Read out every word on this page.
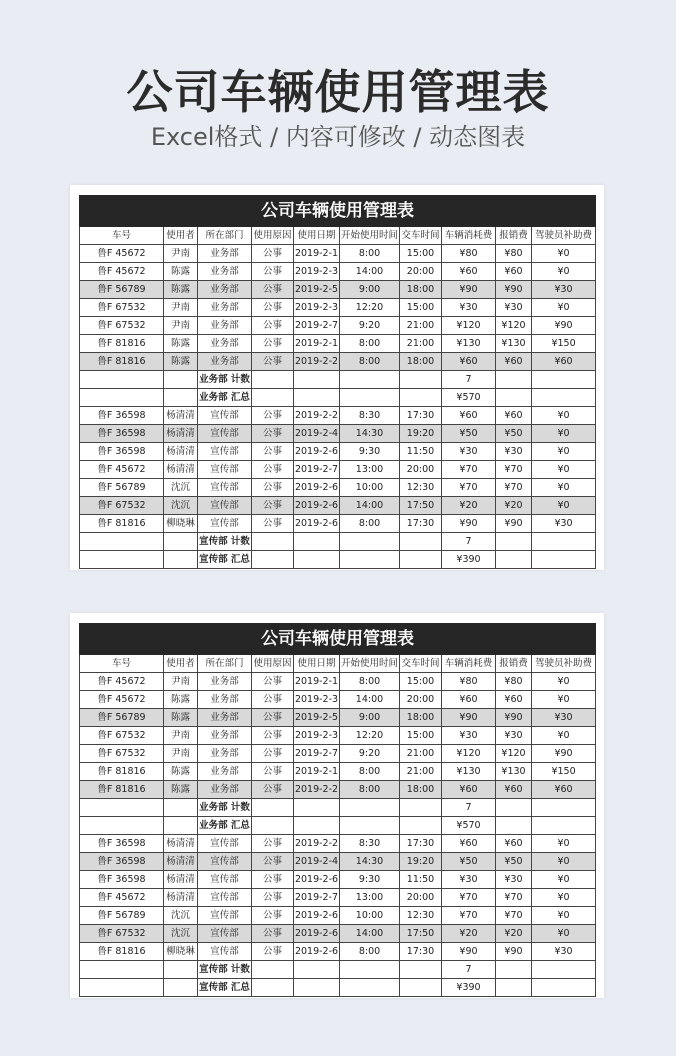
公司车辆使用管理表
Excel格式 / 内容可修改 / 动态图表
公司车辆使用管理表									
车号	使用者	所在部门	使用原因	使用日期	开始使用时间	交车时间	车辆消耗费	报销费	驾驶员补助费
鲁F 45672	尹南	业务部	公事	2019-2-1	8:00	15:00	¥80	¥80	¥0
鲁F 45672	陈露	业务部	公事	2019-2-3	14:00	20:00	¥60	¥60	¥0
鲁F 56789	陈露	业务部	公事	2019-2-5	9:00	18:00	¥90	¥90	¥30
鲁F 67532	尹南	业务部	公事	2019-2-3	12:20	15:00	¥30	¥30	¥0
鲁F 67532	尹南	业务部	公事	2019-2-7	9:20	21:00	¥120	¥120	¥90
鲁F 81816	陈露	业务部	公事	2019-2-1	8:00	21:00	¥130	¥130	¥150
鲁F 81816	陈露	业务部	公事	2019-2-2	8:00	18:00	¥60	¥60	¥60
		业务部 计数					7		
		业务部 汇总					¥570		
鲁F 36598	杨清清	宣传部	公事	2019-2-2	8:30	17:30	¥60	¥60	¥0
鲁F 36598	杨清清	宣传部	公事	2019-2-4	14:30	19:20	¥50	¥50	¥0
鲁F 36598	杨清清	宣传部	公事	2019-2-6	9:30	11:50	¥30	¥30	¥0
鲁F 45672	杨清清	宣传部	公事	2019-2-7	13:00	20:00	¥70	¥70	¥0
鲁F 56789	沈沉	宣传部	公事	2019-2-6	10:00	12:30	¥70	¥70	¥0
鲁F 67532	沈沉	宣传部	公事	2019-2-6	14:00	17:50	¥20	¥20	¥0
鲁F 81816	柳晓琳	宣传部	公事	2019-2-6	8:00	17:30	¥90	¥90	¥30
		宣传部 计数					7		
		宣传部 汇总					¥390		
公司车辆使用管理表									
车号	使用者	所在部门	使用原因	使用日期	开始使用时间	交车时间	车辆消耗费	报销费	驾驶员补助费
鲁F 45672	尹南	业务部	公事	2019-2-1	8:00	15:00	¥80	¥80	¥0
鲁F 45672	陈露	业务部	公事	2019-2-3	14:00	20:00	¥60	¥60	¥0
鲁F 56789	陈露	业务部	公事	2019-2-5	9:00	18:00	¥90	¥90	¥30
鲁F 67532	尹南	业务部	公事	2019-2-3	12:20	15:00	¥30	¥30	¥0
鲁F 67532	尹南	业务部	公事	2019-2-7	9:20	21:00	¥120	¥120	¥90
鲁F 81816	陈露	业务部	公事	2019-2-1	8:00	21:00	¥130	¥130	¥150
鲁F 81816	陈露	业务部	公事	2019-2-2	8:00	18:00	¥60	¥60	¥60
		业务部 计数					7		
		业务部 汇总					¥570		
鲁F 36598	杨清清	宣传部	公事	2019-2-2	8:30	17:30	¥60	¥60	¥0
鲁F 36598	杨清清	宣传部	公事	2019-2-4	14:30	19:20	¥50	¥50	¥0
鲁F 36598	杨清清	宣传部	公事	2019-2-6	9:30	11:50	¥30	¥30	¥0
鲁F 45672	杨清清	宣传部	公事	2019-2-7	13:00	20:00	¥70	¥70	¥0
鲁F 56789	沈沉	宣传部	公事	2019-2-6	10:00	12:30	¥70	¥70	¥0
鲁F 67532	沈沉	宣传部	公事	2019-2-6	14:00	17:50	¥20	¥20	¥0
鲁F 81816	柳晓琳	宣传部	公事	2019-2-6	8:00	17:30	¥90	¥90	¥30
		宣传部 计数					7		
		宣传部 汇总					¥390		
